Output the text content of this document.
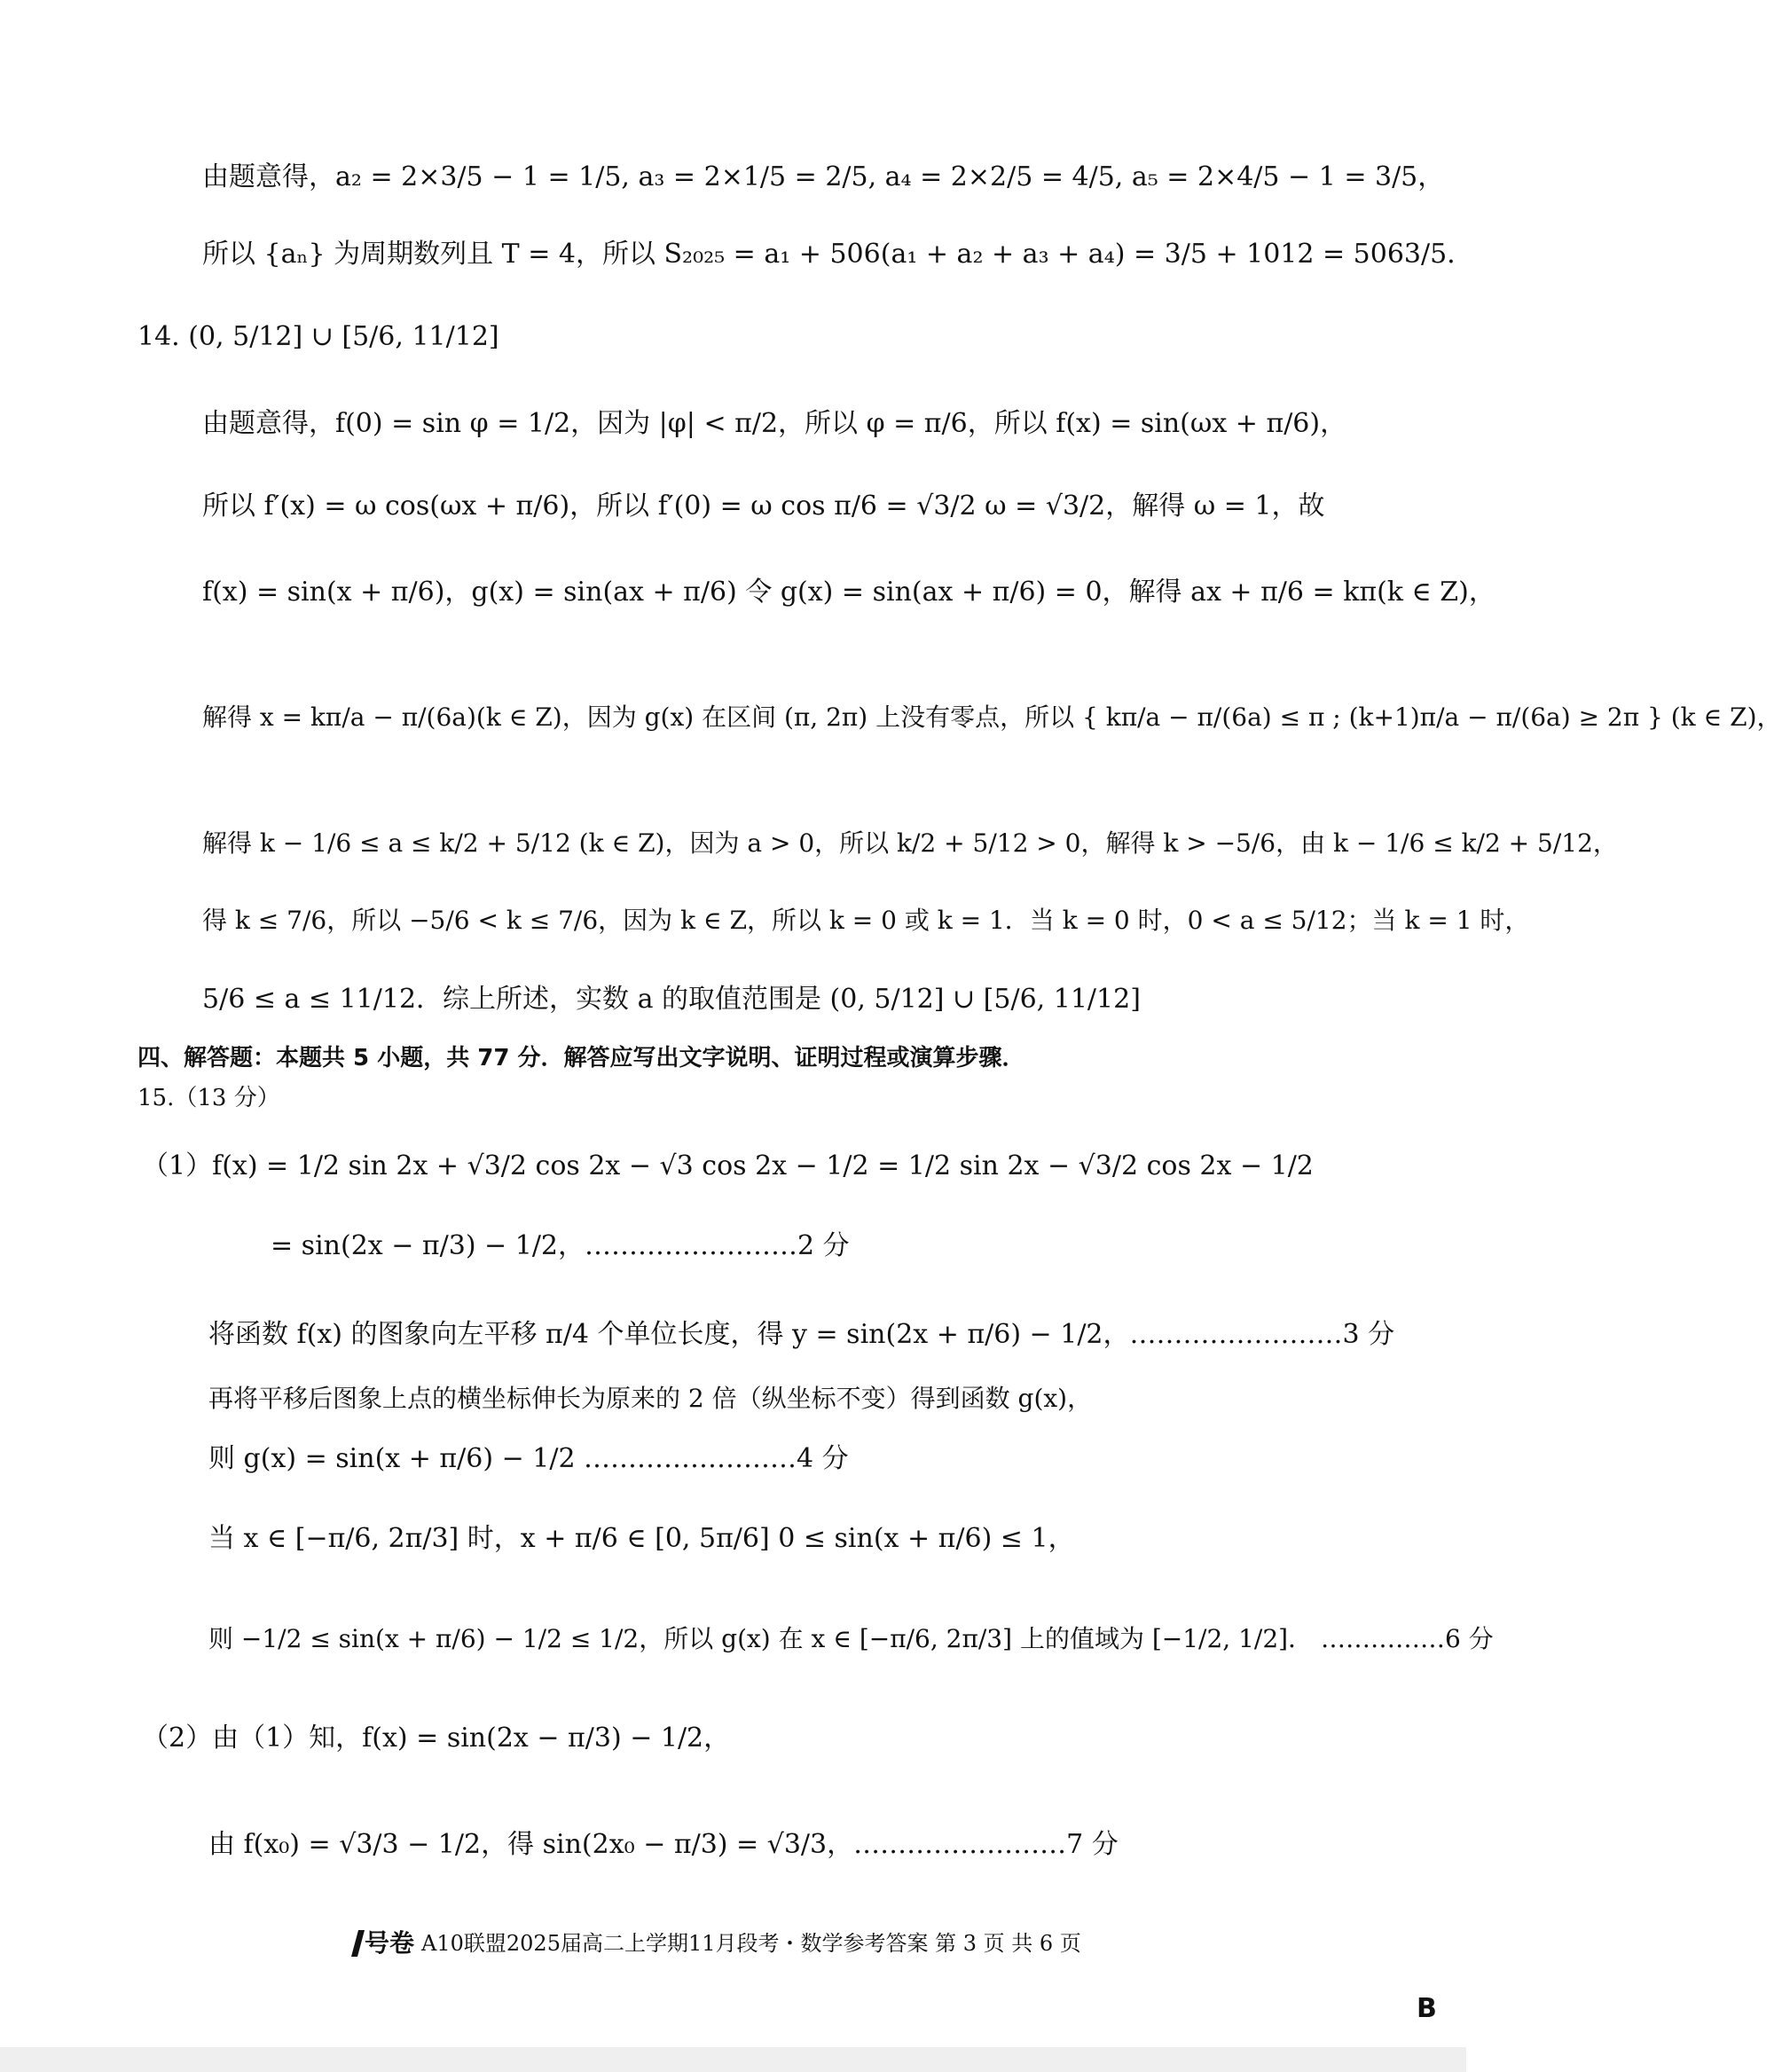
由题意得，a₂ = 2×3/5 − 1 = 1/5, a₃ = 2×1/5 = 2/5, a₄ = 2×2/5 = 4/5, a₅ = 2×4/5 − 1 = 3/5，
所以 {aₙ} 为周期数列且 T = 4，所以 S₂₀₂₅ = a₁ + 506(a₁ + a₂ + a₃ + a₄) = 3/5 + 1012 = 5063/5．
14. (0, 5/12] ∪ [5/6, 11/12]
由题意得，f(0) = sin φ = 1/2，因为 |φ| < π/2，所以 φ = π/6，所以 f(x) = sin(ωx + π/6)，
所以 f′(x) = ω cos(ωx + π/6)，所以 f′(0) = ω cos π/6 = √3/2 ω = √3/2，解得 ω = 1，故
f(x) = sin(x + π/6)，g(x) = sin(ax + π/6) 令 g(x) = sin(ax + π/6) = 0，解得 ax + π/6 = kπ(k ∈ Z)，
解得 x = kπ/a − π/(6a)(k ∈ Z)，因为 g(x) 在区间 (π, 2π) 上没有零点，所以 { kπ/a − π/(6a) ≤ π ; (k+1)π/a − π/(6a) ≥ 2π } (k ∈ Z)，
解得 k − 1/6 ≤ a ≤ k/2 + 5/12 (k ∈ Z)，因为 a > 0，所以 k/2 + 5/12 > 0，解得 k > −5/6，由 k − 1/6 ≤ k/2 + 5/12，
得 k ≤ 7/6，所以 −5/6 < k ≤ 7/6，因为 k ∈ Z，所以 k = 0 或 k = 1．当 k = 0 时，0 < a ≤ 5/12；当 k = 1 时，
5/6 ≤ a ≤ 11/12．综上所述，实数 a 的取值范围是 (0, 5/12] ∪ [5/6, 11/12]
四、解答题：本题共 5 小题，共 77 分．解答应写出文字说明、证明过程或演算步骤．
15.（13 分）
（1）f(x) = 1/2 sin 2x + √3/2 cos 2x − √3 cos 2x − 1/2 = 1/2 sin 2x − √3/2 cos 2x − 1/2
= sin(2x − π/3) − 1/2，……………………2 分
将函数 f(x) 的图象向左平移 π/4 个单位长度，得 y = sin(2x + π/6) − 1/2，……………………3 分
再将平移后图象上点的横坐标伸长为原来的 2 倍（纵坐标不变）得到函数 g(x)，
则 g(x) = sin(x + π/6) − 1/2 ……………………4 分
当 x ∈ [−π/6, 2π/3] 时，x + π/6 ∈ [0, 5π/6] 0 ≤ sin(x + π/6) ≤ 1，
则 −1/2 ≤ sin(x + π/6) − 1/2 ≤ 1/2，所以 g(x) 在 x ∈ [−π/6, 2π/3] 上的值域为 [−1/2, 1/2]． ……………6 分
（2）由（1）知，f(x) = sin(2x − π/3) − 1/2，
由 f(x₀) = √3/3 − 1/2，得 sin(2x₀ − π/3) = √3/3，……………………7 分
号卷 A10联盟2025届高二上学期11月段考・数学参考答案 第 3 页 共 6 页
B
